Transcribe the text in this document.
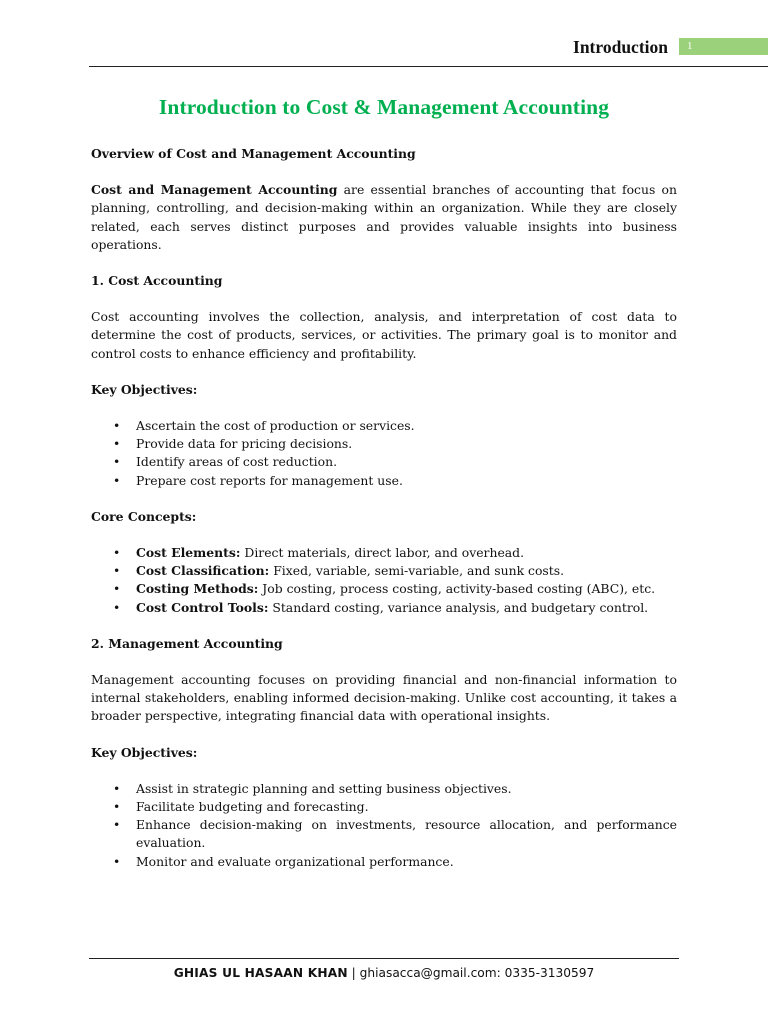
Introduction	1
Introduction to Cost & Management Accounting
Overview of Cost and Management Accounting

Cost and Management Accounting are essential branches of accounting that focus on planning, controlling, and decision-making within an organization. While they are closely related, each serves distinct purposes and provides valuable insights into business operations.

1. Cost Accounting

Cost accounting involves the collection, analysis, and interpretation of cost data to determine the cost of products, services, or activities. The primary goal is to monitor and control costs to enhance efficiency and profitability.

Key Objectives:
• Ascertain the cost of production or services.
• Provide data for pricing decisions.
• Identify areas of cost reduction.
• Prepare cost reports for management use.
Core Concepts:
• Cost Elements: Direct materials, direct labor, and overhead.
• Cost Classification: Fixed, variable, semi-variable, and sunk costs.
• Costing Methods: Job costing, process costing, activity-based costing (ABC), etc.
• Cost Control Tools: Standard costing, variance analysis, and budgetary control.
2. Management Accounting

Management accounting focuses on providing financial and non-financial information to internal stakeholders, enabling informed decision-making. Unlike cost accounting, it takes a broader perspective, integrating financial data with operational insights.

Key Objectives:
• Assist in strategic planning and setting business objectives.
• Facilitate budgeting and forecasting.
• Enhance decision-making on investments, resource allocation, and performance evaluation.
• Monitor and evaluate organizational performance.
GHIAS UL HASAAN KHAN | ghiasacca@gmail.com: 0335-3130597
